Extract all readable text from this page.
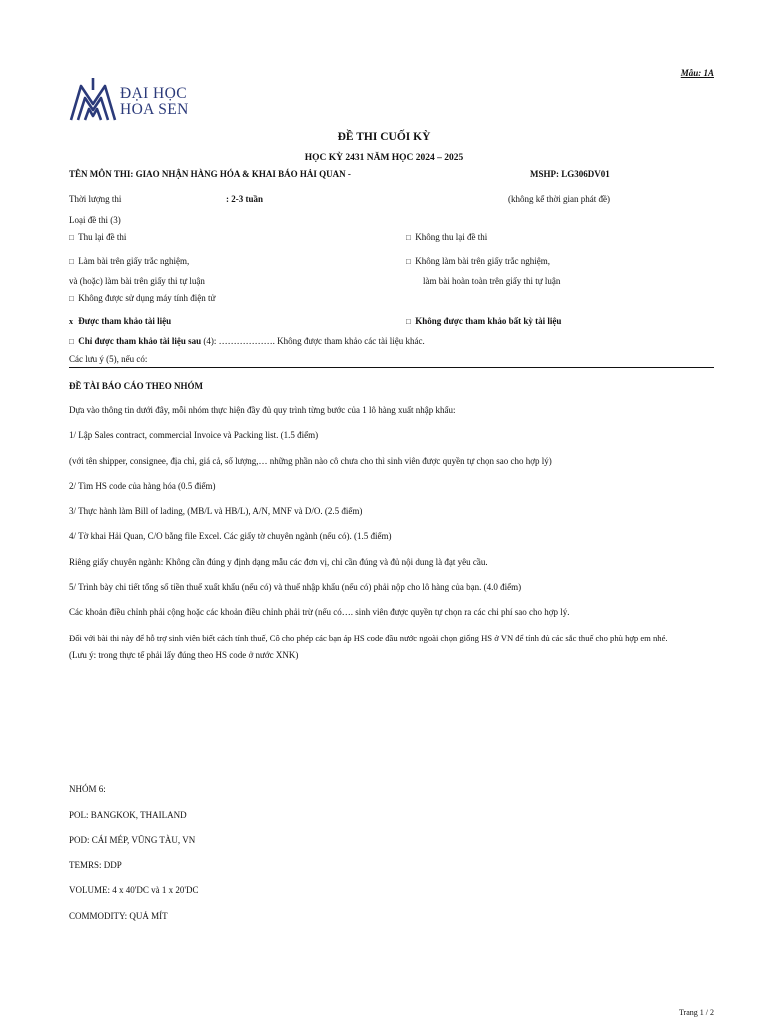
Mẫu: 1A
ĐẠI HỌC
HOA SEN
ĐỀ THI CUỐI KỲ
HỌC KỲ 2431 NĂM HỌC 2024 – 2025
TÊN MÔN THI: GIAO NHẬN HÀNG HÓA & KHAI BÁO HẢI QUAN -	MSHP: LG306DV01
Thời lượng thi	: 2-3 tuần	(không kể thời gian phát đề)
Loại đề thi (3)
□ Thu lại đề thi	□ Không thu lại đề thi
□ Làm bài trên giấy trắc nghiệm,	□ Không làm bài trên giấy trắc nghiệm,
và (hoặc) làm bài trên giấy thi tự luận	làm bài hoàn toàn trên giấy thi tự luận
□ Không được sử dụng máy tính điện tử
x Được tham khảo tài liệu	□ Không được tham khảo bất kỳ tài liệu
□ Chỉ được tham khảo tài liệu sau (4): ………………. Không được tham khảo các tài liệu khác.
Các lưu ý (5), nếu có:
ĐỀ TÀI BÁO CÁO THEO NHÓM
Dựa vào thông tin dưới đây, mỗi nhóm thực hiện đầy đủ quy trình từng bước của 1 lô hàng xuất nhập khẩu:
1/ Lập Sales contract, commercial Invoice và Packing list. (1.5 điểm)
(với tên shipper, consignee, địa chỉ, giá cả, số lượng,… những phần nào cô chưa cho thì sinh viên được quyền tự chọn sao cho hợp lý)
2/ Tìm HS code của hàng hóa (0.5 điểm)
3/ Thực hành làm Bill of lading, (MB/L và HB/L), A/N, MNF và D/O. (2.5 điểm)
4/ Tờ khai Hải Quan, C/O bằng file Excel. Các giấy tờ chuyên ngành (nếu có). (1.5 điểm)
Riêng giấy chuyên ngành: Không cần đúng y định dạng mẫu các đơn vị, chỉ cần đúng và đủ nội dung là đạt yêu cầu.
5/ Trình bày chi tiết tổng số tiền thuế xuất khẩu (nếu có) và thuế nhập khẩu (nếu có) phải nộp cho lô hàng của bạn. (4.0 điểm)
Các khoản điều chỉnh phải cộng hoặc các khoản điều chỉnh phải trừ (nếu có…. sinh viên được quyền tự chọn ra các chi phí sao cho hợp lý.
Đối với bài thi này để hỗ trợ sinh viên biết cách tính thuế, Cô cho phép các bạn áp HS code đầu nước ngoài chọn giống HS ở VN để tính đủ các sắc thuế cho phù hợp em nhé.
(Lưu ý: trong thực tế phải lấy đúng theo HS code ở nước XNK)
NHÓM 6:
POL: BANGKOK, THAILAND
POD: CÁI MÉP, VŨNG TÀU, VN
TEMRS: DDP
VOLUME: 4 x 40'DC và 1 x 20'DC
COMMODITY: QUẢ MÍT
Trang 1 / 2
